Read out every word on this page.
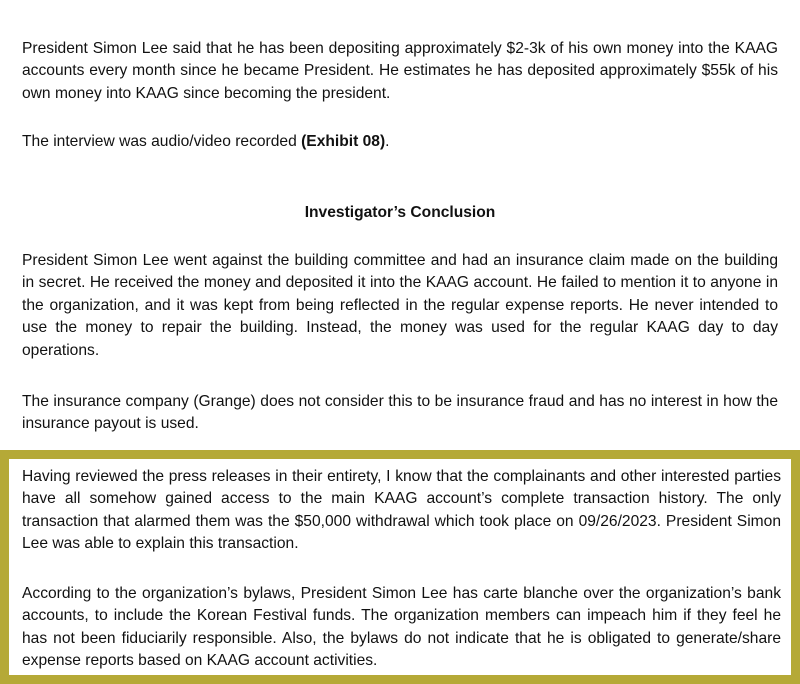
President Simon Lee said that he has been depositing approximately $2-3k of his own money into the KAAG accounts every month since he became President. He estimates he has deposited approximately $55k of his own money into KAAG since becoming the president.

The interview was audio/video recorded (Exhibit 08).

Investigator’s Conclusion

President Simon Lee went against the building committee and had an insurance claim made on the building in secret. He received the money and deposited it into the KAAG account. He failed to mention it to anyone in the organization, and it was kept from being reflected in the regular expense reports. He never intended to use the money to repair the building. Instead, the money was used for the regular KAAG day to day operations.

The insurance company (Grange) does not consider this to be insurance fraud and has no interest in how the insurance payout is used.

Having reviewed the press releases in their entirety, I know that the complainants and other interested parties have all somehow gained access to the main KAAG account’s complete transaction history. The only transaction that alarmed them was the $50,000 withdrawal which took place on 09/26/2023. President Simon Lee was able to explain this transaction.

According to the organization’s bylaws, President Simon Lee has carte blanche over the organization’s bank accounts, to include the Korean Festival funds. The organization members can impeach him if they feel he has not been fiduciarily responsible. Also, the bylaws do not indicate that he is obligated to generate/share expense reports based on KAAG account activities.
